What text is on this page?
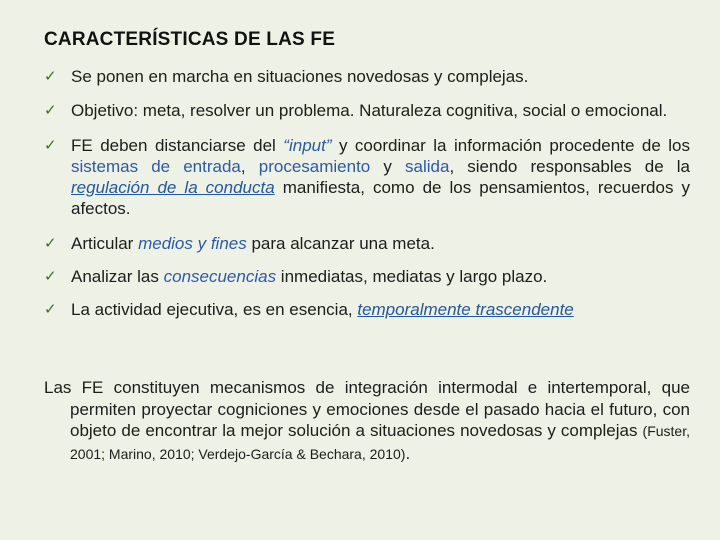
CARACTERÍSTICAS DE LAS FE
✓ Se ponen en marcha en situaciones novedosas y complejas.
✓ Objetivo: meta, resolver un problema. Naturaleza cognitiva, social o emocional.
✓ FE deben distanciarse del “input” y coordinar la información procedente de los sistemas de entrada, procesamiento y salida, siendo responsables de la regulación de la conducta manifiesta, como de los pensamientos, recuerdos y afectos.
✓ Articular medios y fines para alcanzar una meta.
✓ Analizar las consecuencias inmediatas, mediatas y largo plazo.
✓ La actividad ejecutiva, es en esencia, temporalmente trascendente
Las FE constituyen mecanismos de integración intermodal e intertemporal, que permiten proyectar cogniciones y emociones desde el pasado hacia el futuro, con objeto de encontrar la mejor solución a situaciones novedosas y complejas (Fuster, 2001; Marino, 2010; Verdejo-García & Bechara, 2010).
